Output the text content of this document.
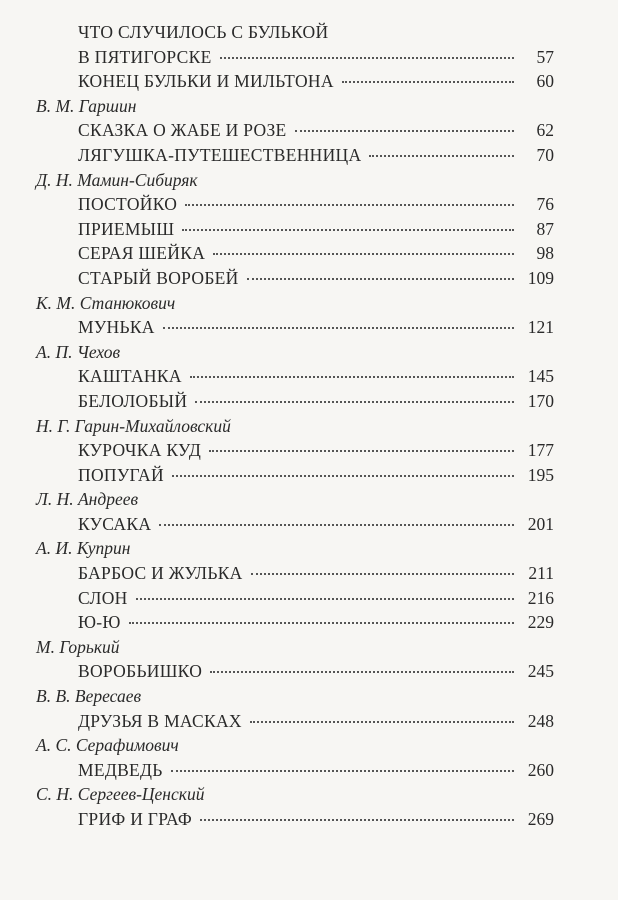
ЧТО СЛУЧИЛОСЬ С БУЛЬКОЙ
В ПЯТИГОРСКЕ	57
КОНЕЦ БУЛЬКИ И МИЛЬТОНА	60
В. М. Гаршин
СКАЗКА О ЖАБЕ И РОЗЕ	62
ЛЯГУШКА-ПУТЕШЕСТВЕННИЦА	70
Д. Н. Мамин-Сибиряк
ПОСТОЙКО	76
ПРИЕМЫШ	87
СЕРАЯ ШЕЙКА	98
СТАРЫЙ ВОРОБЕЙ	109
К. М. Станюкович
МУНЬКА	121
А. П. Чехов
КАШТАНКА	145
БЕЛОЛОБЫЙ	170
Н. Г. Гарин-Михайловский
КУРОЧКА КУД	177
ПОПУГАЙ	195
Л. Н. Андреев
КУСАКА	201
А. И. Куприн
БАРБОС И ЖУЛЬКА	211
СЛОН	216
Ю-Ю	229
М. Горький
ВОРОБЬИШКО	245
В. В. Вересаев
ДРУЗЬЯ В МАСКАХ	248
А. С. Серафимович
МЕДВЕДЬ	260
С. Н. Сергеев-Ценский
ГРИФ И ГРАФ	269
